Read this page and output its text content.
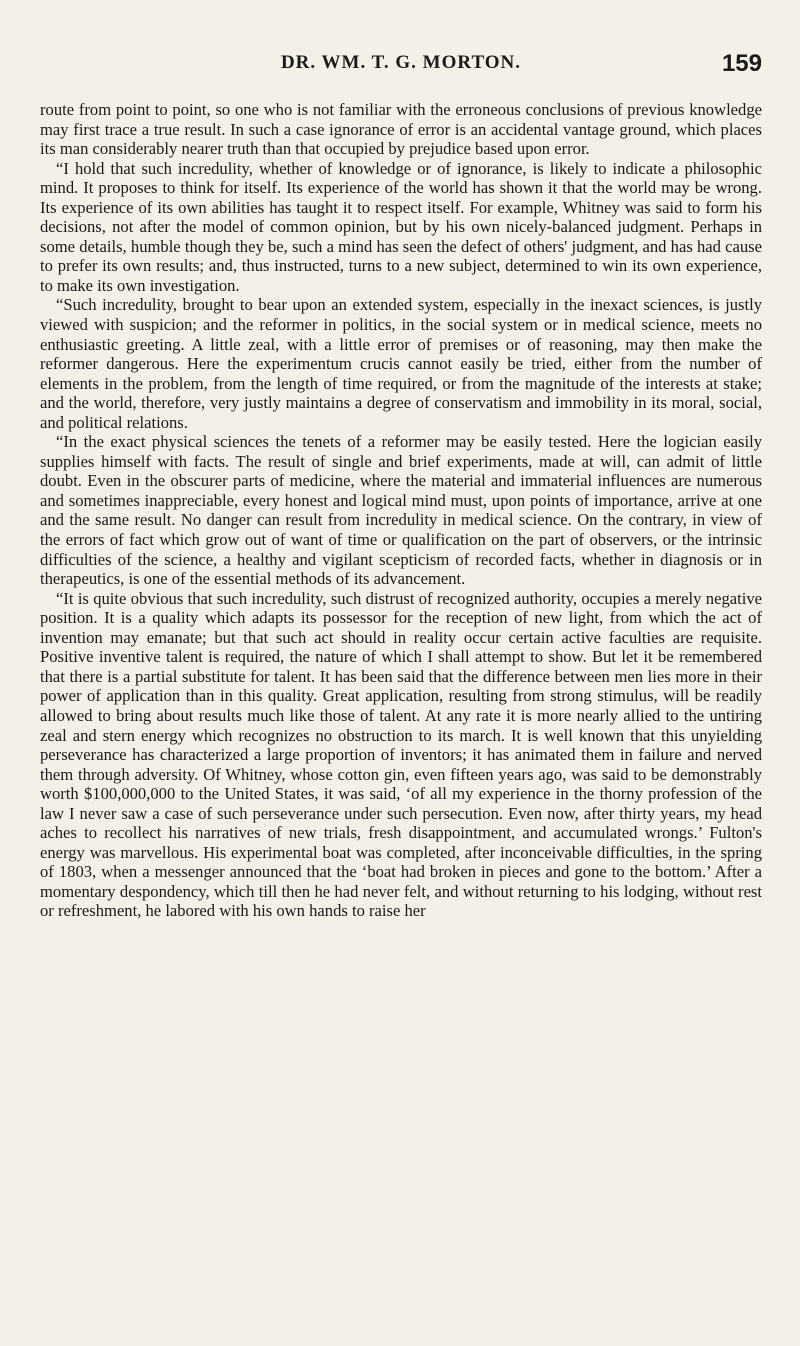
DR. WM. T. G. MORTON.	159

route from point to point, so one who is not familiar with the erroneous conclusions of previous knowledge may first trace a true result. In such a case ignorance of error is an accidental vantage ground, which places its man considerably nearer truth than that occupied by prejudice based upon error.

“I hold that such incredulity, whether of knowledge or of ignorance, is likely to indicate a philosophic mind. It proposes to think for itself. Its experience of the world has shown it that the world may be wrong. Its experience of its own abilities has taught it to respect itself. For example, Whitney was said to form his decisions, not after the model of common opinion, but by his own nicely-balanced judgment. Perhaps in some details, humble though they be, such a mind has seen the defect of others' judgment, and has had cause to prefer its own results; and, thus instructed, turns to a new subject, determined to win its own experience, to make its own investigation.

“Such incredulity, brought to bear upon an extended system, especially in the inexact sciences, is justly viewed with suspicion; and the reformer in politics, in the social system or in medical science, meets no enthusiastic greeting. A little zeal, with a little error of premises or of reasoning, may then make the reformer dangerous. Here the experimentum crucis cannot easily be tried, either from the number of elements in the problem, from the length of time required, or from the magnitude of the interests at stake; and the world, therefore, very justly maintains a degree of conservatism and immobility in its moral, social, and political relations.

“In the exact physical sciences the tenets of a reformer may be easily tested. Here the logician easily supplies himself with facts. The result of single and brief experiments, made at will, can admit of little doubt. Even in the obscurer parts of medicine, where the material and immaterial influences are numerous and sometimes inappreciable, every honest and logical mind must, upon points of importance, arrive at one and the same result. No danger can result from incredulity in medical science. On the contrary, in view of the errors of fact which grow out of want of time or qualification on the part of observers, or the intrinsic difficulties of the science, a healthy and vigilant scepticism of recorded facts, whether in diagnosis or in therapeutics, is one of the essential methods of its advancement.

“It is quite obvious that such incredulity, such distrust of recognized authority, occupies a merely negative position. It is a quality which adapts its possessor for the reception of new light, from which the act of invention may emanate; but that such act should in reality occur certain active faculties are requisite. Positive inventive talent is required, the nature of which I shall attempt to show. But let it be remembered that there is a partial substitute for talent. It has been said that the difference between men lies more in their power of application than in this quality. Great application, resulting from strong stimulus, will be readily allowed to bring about results much like those of talent. At any rate it is more nearly allied to the untiring zeal and stern energy which recognizes no obstruction to its march. It is well known that this unyielding perseverance has characterized a large proportion of inventors; it has animated them in failure and nerved them through adversity. Of Whitney, whose cotton gin, even fifteen years ago, was said to be demonstrably worth $100,000,000 to the United States, it was said, ‘of all my experience in the thorny profession of the law I never saw a case of such perseverance under such persecution. Even now, after thirty years, my head aches to recollect his narratives of new trials, fresh disappointment, and accumulated wrongs.’ Fulton's energy was marvellous. His experimental boat was completed, after inconceivable difficulties, in the spring of 1803, when a messenger announced that the ‘boat had broken in pieces and gone to the bottom.’ After a momentary despondency, which till then he had never felt, and without returning to his lodging, without rest or refreshment, he labored with his own hands to raise her
